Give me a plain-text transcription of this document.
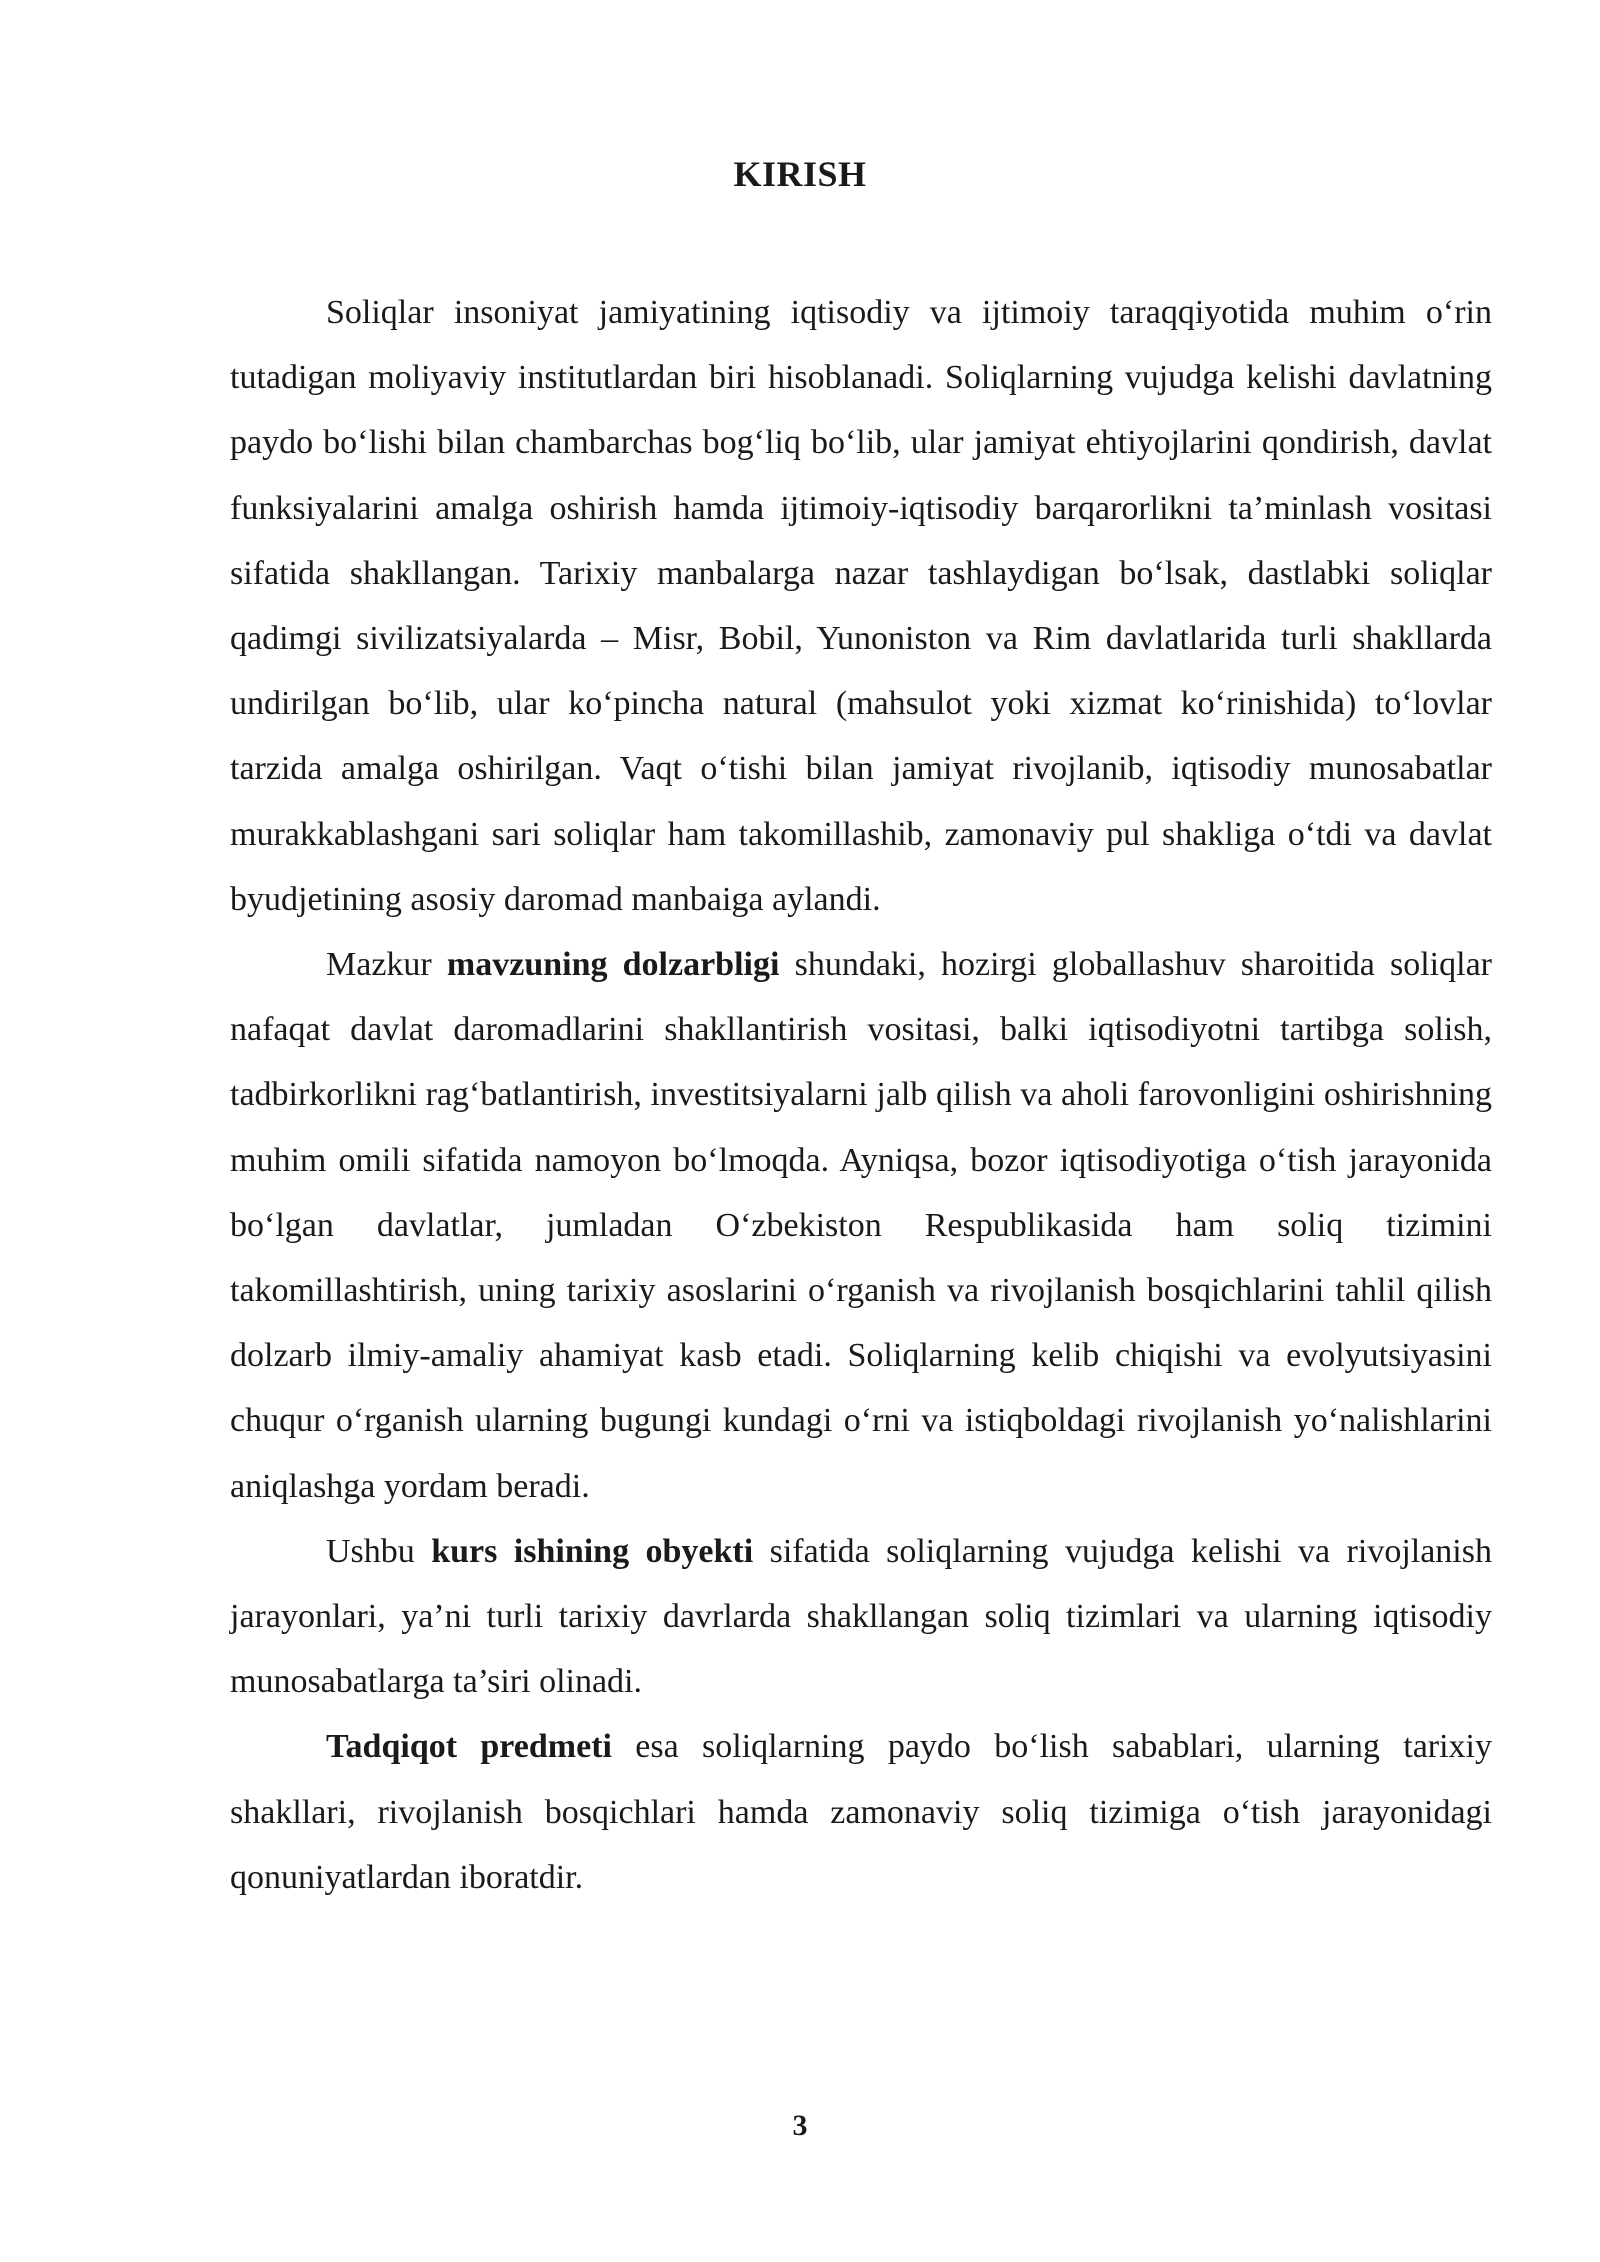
KIRISH

Soliqlar insoniyat jamiyatining iqtisodiy va ijtimoiy taraqqiyotida muhim o‘rin tutadigan moliyaviy institutlardan biri hisoblanadi. Soliqlarning vujudga kelishi davlatning paydo bo‘lishi bilan chambarchas bog‘liq bo‘lib, ular jamiyat ehtiyojlarini qondirish, davlat funksiyalarini amalga oshirish hamda ijtimoiy-iqtisodiy barqarorlikni ta’minlash vositasi sifatida shakllangan. Tarixiy manbalarga nazar tashlaydigan bo‘lsak, dastlabki soliqlar qadimgi sivilizatsiyalarda – Misr, Bobil, Yunoniston va Rim davlatlarida turli shakllarda undirilgan bo‘lib, ular ko‘pincha natural (mahsulot yoki xizmat ko‘rinishida) to‘lovlar tarzida amalga oshirilgan. Vaqt o‘tishi bilan jamiyat rivojlanib, iqtisodiy munosabatlar murakkablashgani sari soliqlar ham takomillashib, zamonaviy pul shakliga o‘tdi va davlat byudjetining asosiy daromad manbaiga aylandi.

Mazkur mavzuning dolzarbligi shundaki, hozirgi globallashuv sharoitida soliqlar nafaqat davlat daromadlarini shakllantirish vositasi, balki iqtisodiyotni tartibga solish, tadbirkorlikni rag‘batlantirish, investitsiyalarni jalb qilish va aholi farovonligini oshirishning muhim omili sifatida namoyon bo‘lmoqda. Ayniqsa, bozor iqtisodiyotiga o‘tish jarayonida bo‘lgan davlatlar, jumladan O‘zbekiston Respublikasida ham soliq tizimini takomillashtirish, uning tarixiy asoslarini o‘rganish va rivojlanish bosqichlarini tahlil qilish dolzarb ilmiy-amaliy ahamiyat kasb etadi. Soliqlarning kelib chiqishi va evolyutsiyasini chuqur o‘rganish ularning bugungi kundagi o‘rni va istiqboldagi rivojlanish yo‘nalishlarini aniqlashga yordam beradi.

Ushbu kurs ishining obyekti sifatida soliqlarning vujudga kelishi va rivojlanish jarayonlari, ya’ni turli tarixiy davrlarda shakllangan soliq tizimlari va ularning iqtisodiy munosabatlarga ta’siri olinadi.

Tadqiqot predmeti esa soliqlarning paydo bo‘lish sabablari, ularning tarixiy shakllari, rivojlanish bosqichlari hamda zamonaviy soliq tizimiga o‘tish jarayonidagi qonuniyatlardan iboratdir.

3
